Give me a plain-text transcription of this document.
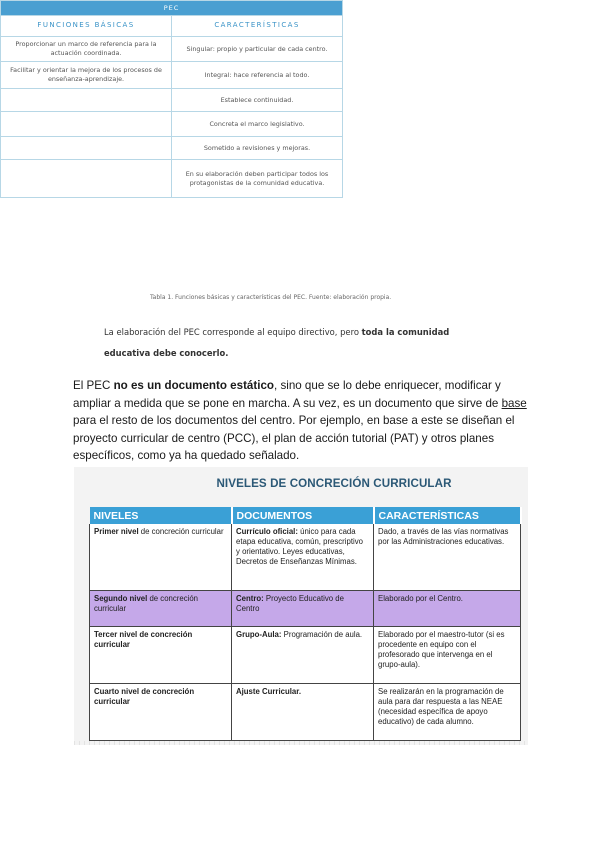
PEC	
FUNCIONES BÁSICAS	CARACTERÍSTICAS
Proporcionar un marco de referencia para la actuación coordinada.	Singular: propio y particular de cada centro.
Facilitar y orientar la mejora de los procesos de enseñanza-aprendizaje.	Integral: hace referencia al todo.
	Establece continuidad.
	Concreta el marco legislativo.
	Sometido a revisiones y mejoras.
	En su elaboración deben participar todos los protagonistas de la comunidad educativa.
Tabla 1. Funciones básicas y características del PEC. Fuente: elaboración propia.
La elaboración del PEC corresponde al equipo directivo, pero toda la comunidad educativa debe conocerlo.
El PEC no es un documento estático, sino que se lo debe enriquecer, modificar y ampliar a medida que se pone en marcha. A su vez, es un documento que sirve de base para el resto de los documentos del centro. Por ejemplo, en base a este se diseñan el proyecto curricular de centro (PCC), el plan de acción tutorial (PAT) y otros planes específicos, como ya ha quedado señalado.
NIVELES DE CONCRECIÓN CURRICULAR
NIVELES	DOCUMENTOS	CARACTERÍSTICAS
Primer nivel de concreción curricular	Currículo oficial: único para cada etapa educativa, común, prescriptivo y orientativo. Leyes educativas, Decretos de Enseñanzas Mínimas.	Dado, a través de las vías normativas por las Administraciones educativas.
Segundo nivel de concreción curricular	Centro: Proyecto Educativo de Centro	Elaborado por el Centro.
Tercer nivel de concreción curricular	Grupo-Aula: Programación de aula.	Elaborado por el maestro-tutor (si es procedente en equipo con el profesorado que intervenga en el grupo-aula).
Cuarto nivel de concreción curricular	Ajuste Curricular.	Se realizarán en la programación de aula para dar respuesta a las NEAE (necesidad específica de apoyo educativo) de cada alumno.
